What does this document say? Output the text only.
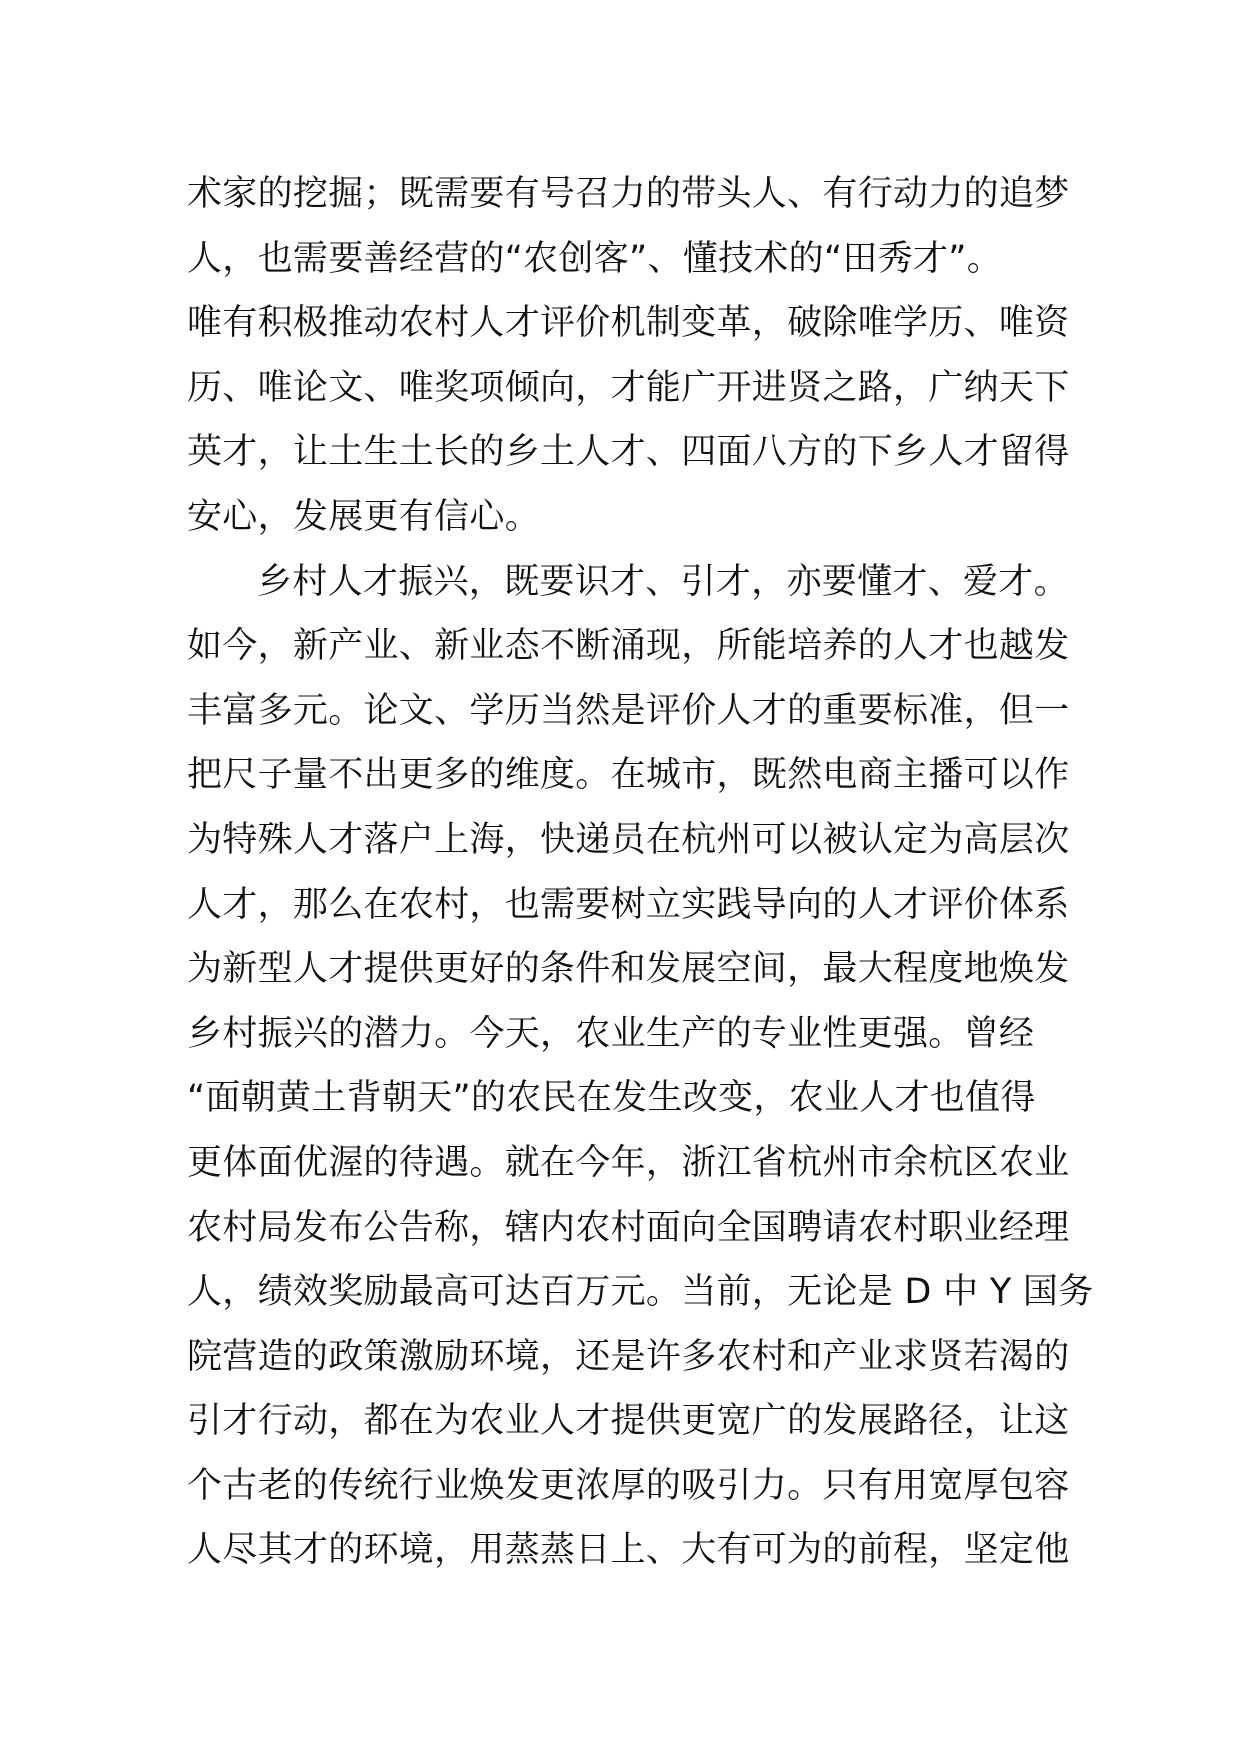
术家的挖掘；既需要有号召力的带头人、有行动力的追梦
人，也需要善经营的“农创客”、懂技术的“田秀才”。
唯有积极推动农村人才评价机制变革，破除唯学历、唯资
历、唯论文、唯奖项倾向，才能广开进贤之路，广纳天下
英才，让土生土长的乡土人才、四面八方的下乡人才留得
安心，发展更有信心。
乡村人才振兴，既要识才、引才，亦要懂才、爱才。
如今，新产业、新业态不断涌现，所能培养的人才也越发
丰富多元。论文、学历当然是评价人才的重要标准，但一
把尺子量不出更多的维度。在城市，既然电商主播可以作
为特殊人才落户上海，快递员在杭州可以被认定为高层次
人才，那么在农村，也需要树立实践导向的人才评价体系
为新型人才提供更好的条件和发展空间，最大程度地焕发
乡村振兴的潜力。今天，农业生产的专业性更强。曾经
“面朝黄土背朝天”的农民在发生改变，农业人才也值得
更体面优渥的待遇。就在今年，浙江省杭州市余杭区农业
农村局发布公告称，辖内农村面向全国聘请农村职业经理
人，绩效奖励最高可达百万元。当前，无论是 D 中 Y 国务
院营造的政策激励环境，还是许多农村和产业求贤若渴的
引才行动，都在为农业人才提供更宽广的发展路径，让这
个古老的传统行业焕发更浓厚的吸引力。只有用宽厚包容
人尽其才的环境，用蒸蒸日上、大有可为的前程，坚定他
